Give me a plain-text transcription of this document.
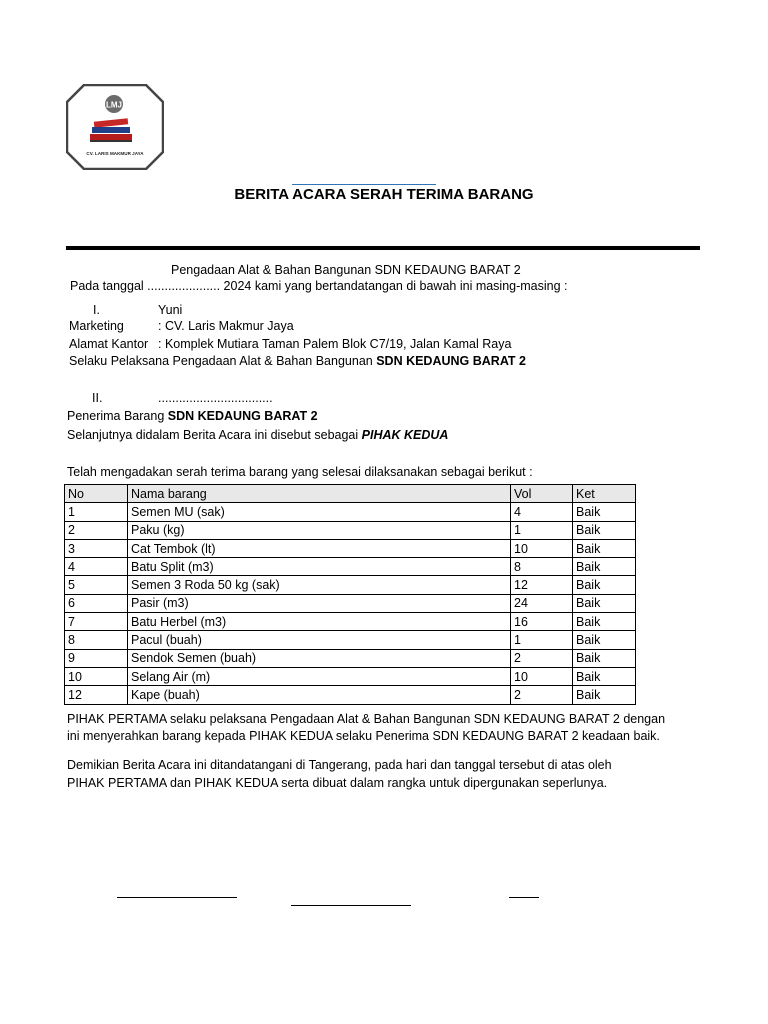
LMJ
CV. LARIS MAKMUR JAYA
BERITA ACARA SERAH TERIMA BARANG
Pengadaan Alat & Bahan Bangunan SDN KEDAUNG BARAT 2
Pada tanggal ..................... 2024 kami yang bertandatangan di bawah ini masing-masing :
I.	Yuni
Marketing	: CV. Laris Makmur Jaya
Alamat Kantor : Komplek Mutiara Taman Palem Blok C7/19, Jalan Kamal Raya
Selaku Pelaksana Pengadaan Alat & Bahan Bangunan SDN KEDAUNG BARAT 2
II.	.................................
Penerima Barang SDN KEDAUNG BARAT 2
Selanjutnya didalam Berita Acara ini disebut sebagai PIHAK KEDUA
Telah mengadakan serah terima barang yang selesai dilaksanakan sebagai berikut :
No	Nama barang	Vol	Ket
1	Semen MU (sak)	4	Baik
2	Paku (kg)	1	Baik
3	Cat Tembok (lt)	10	Baik
4	Batu Split (m3)	8	Baik
5	Semen 3 Roda 50 kg (sak)	12	Baik
6	Pasir (m3)	24	Baik
7	Batu Herbel (m3)	16	Baik
8	Pacul (buah)	1	Baik
9	Sendok Semen (buah)	2	Baik
10	Selang Air (m)	10	Baik
12	Kape (buah)	2	Baik
PIHAK PERTAMA selaku pelaksana Pengadaan Alat & Bahan Bangunan SDN KEDAUNG BARAT 2 dengan
ini menyerahkan barang kepada PIHAK KEDUA selaku Penerima SDN KEDAUNG BARAT 2 keadaan baik.
Demikian Berita Acara ini ditandatangani di Tangerang, pada hari dan tanggal tersebut di atas oleh
PIHAK PERTAMA dan PIHAK KEDUA serta dibuat dalam rangka untuk dipergunakan seperlunya.
